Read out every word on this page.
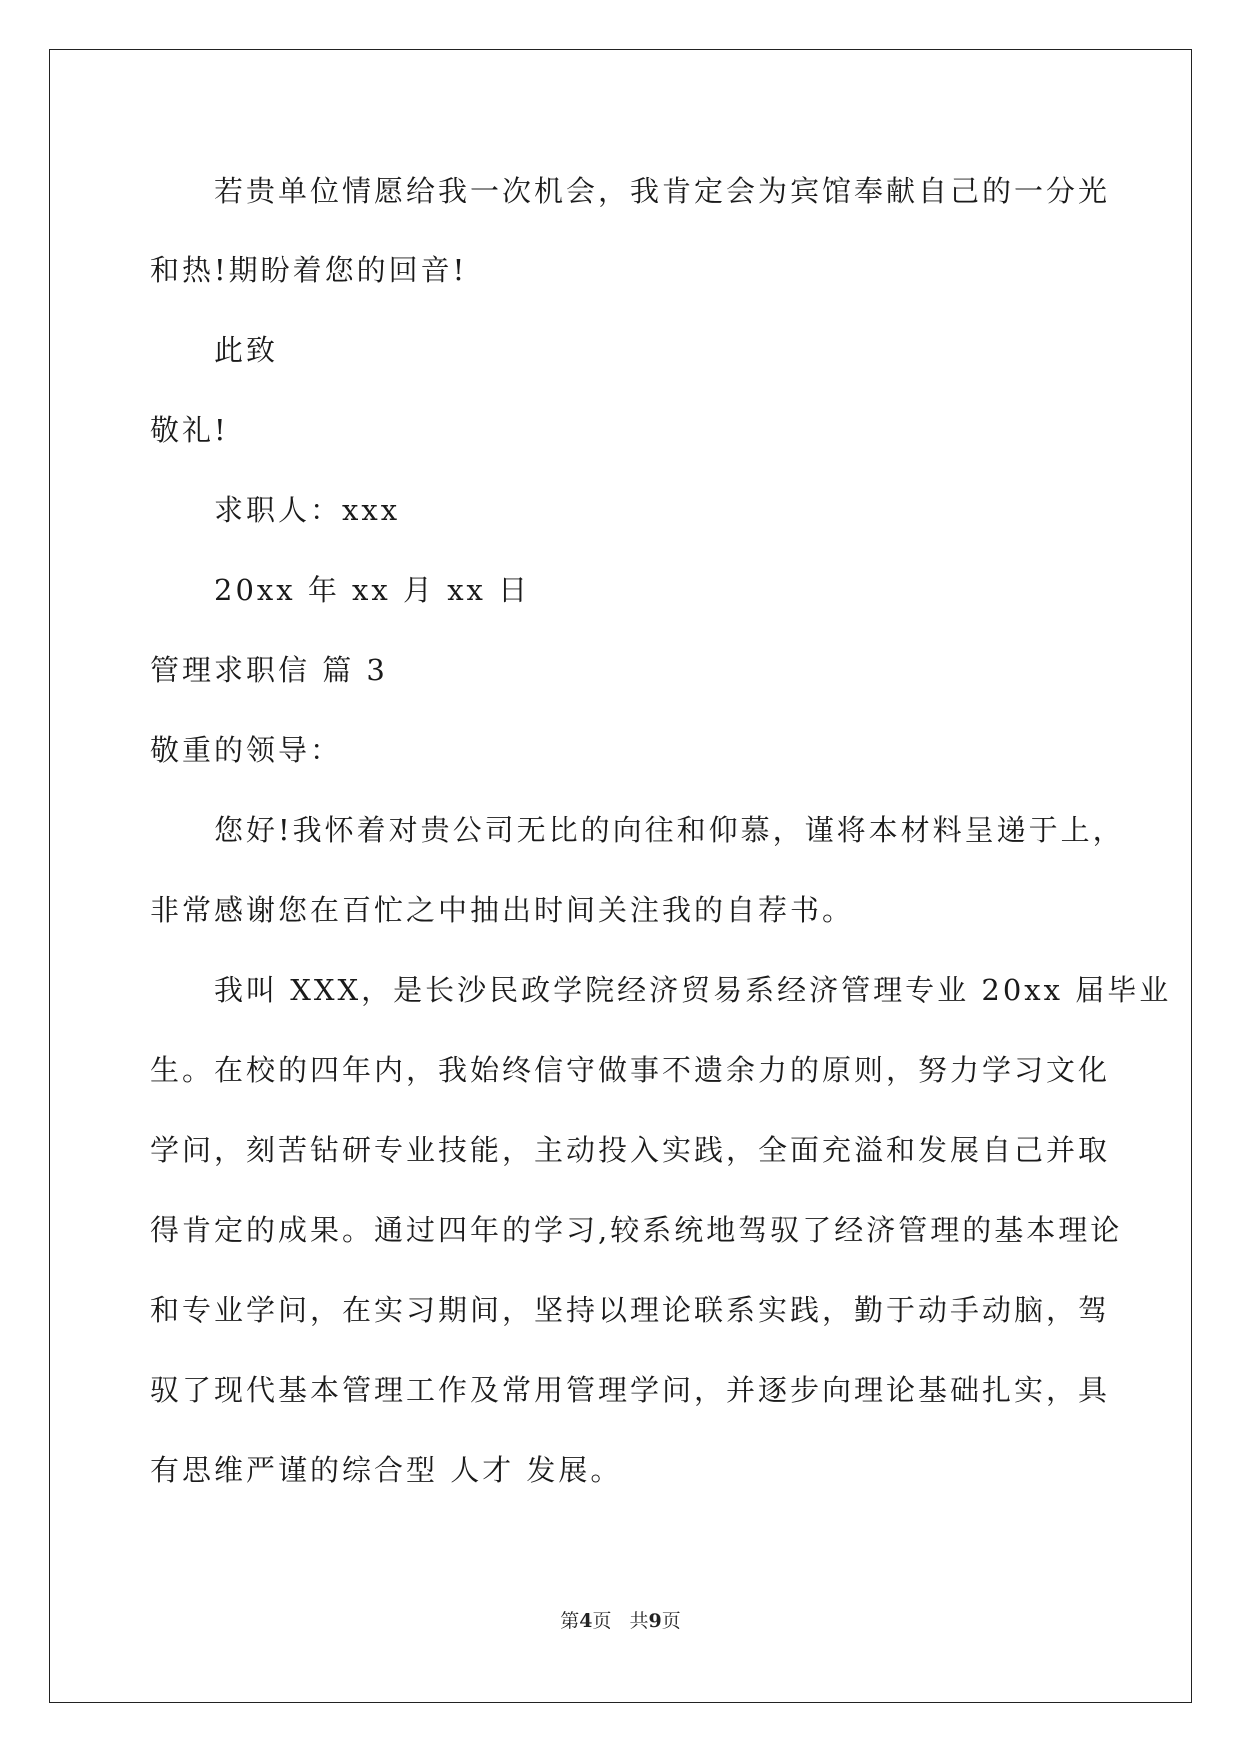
若贵单位情愿给我一次机会，我肯定会为宾馆奉献自己的一分光
和热!期盼着您的回音!
此致
敬礼!
求职人：xxx
20xx 年 xx 月 xx 日
管理求职信 篇 3
敬重的领导：
您好!我怀着对贵公司无比的向往和仰慕，谨将本材料呈递于上，
非常感谢您在百忙之中抽出时间关注我的自荐书。
我叫 XXX，是长沙民政学院经济贸易系经济管理专业 20xx 届毕业
生。在校的四年内，我始终信守做事不遗余力的原则，努力学习文化
学问，刻苦钻研专业技能，主动投入实践，全面充溢和发展自己并取
得肯定的成果。通过四年的学习,较系统地驾驭了经济管理的基本理论
和专业学问，在实习期间，坚持以理论联系实践，勤于动手动脑，驾
驭了现代基本管理工作及常用管理学问，并逐步向理论基础扎实，具
有思维严谨的综合型 人才 发展。
第4页 共9页
